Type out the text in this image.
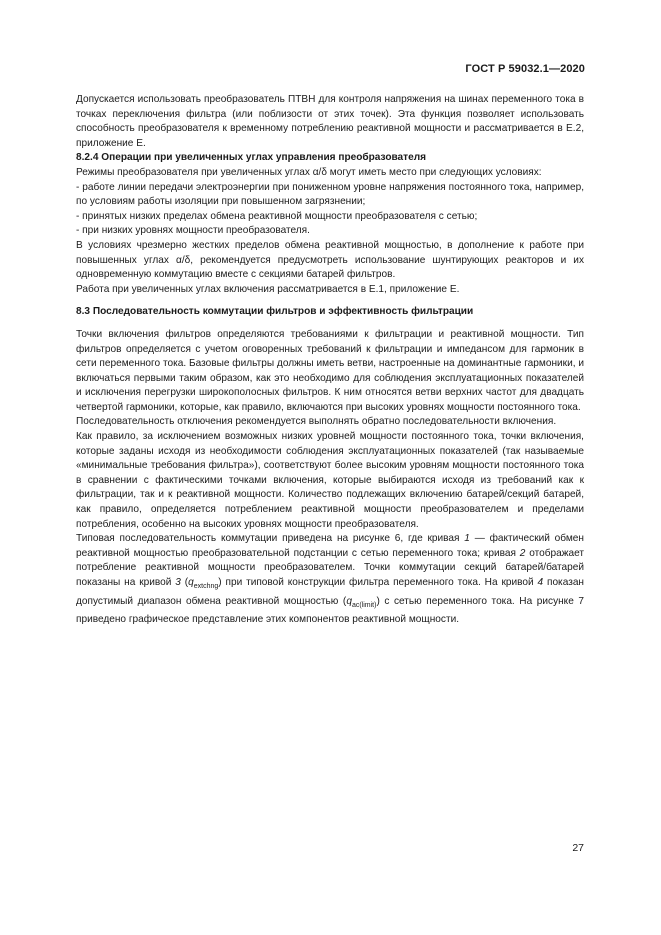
ГОСТ Р 59032.1—2020

Допускается использовать преобразователь ПТВН для контроля напряжения на шинах переменного тока в точках переключения фильтра (или поблизости от этих точек). Эта функция позволяет использовать способность преобразователя к временному потреблению реактивной мощности и рассматривается в Е.2, приложение Е.

8.2.4 Операции при увеличенных углах управления преобразователя

Режимы преобразователя при увеличенных углах α/δ могут иметь место при следующих условиях:

- работе линии передачи электроэнергии при пониженном уровне напряжения постоянного тока, например, по условиям работы изоляции при повышенном загрязнении;

- принятых низких пределах обмена реактивной мощности преобразователя с сетью;

- при низких уровнях мощности преобразователя.

В условиях чрезмерно жестких пределов обмена реактивной мощностью, в дополнение к работе при повышенных углах α/δ, рекомендуется предусмотреть использование шунтирующих реакторов и их одновременную коммутацию вместе с секциями батарей фильтров.

Работа при увеличенных углах включения рассматривается в Е.1, приложение Е.

8.3 Последовательность коммутации фильтров и эффективность фильтрации

Точки включения фильтров определяются требованиями к фильтрации и реактивной мощности. Тип фильтров определяется с учетом оговоренных требований к фильтрации и импедансом для гармоник в сети переменного тока. Базовые фильтры должны иметь ветви, настроенные на доминантные гармоники, и включаться первыми таким образом, как это необходимо для соблюдения эксплуатационных показателей и исключения перегрузки широкополосных фильтров. К ним относятся ветви верхних частот для двадцать четвертой гармоники, которые, как правило, включаются при высоких уровнях мощности постоянного тока.

Последовательность отключения рекомендуется выполнять обратно последовательности включения.

Как правило, за исключением возможных низких уровней мощности постоянного тока, точки включения, которые заданы исходя из необходимости соблюдения эксплуатационных показателей (так называемые «минимальные требования фильтра»), соответствуют более высоким уровням мощности постоянного тока в сравнении с фактическими точками включения, которые выбираются исходя из требований как к фильтрации, так и к реактивной мощности. Количество подлежащих включению батарей/секций батарей, как правило, определяется потреблением реактивной мощности преобразователем и пределами потребления, особенно на высоких уровнях мощности преобразователя.

Типовая последовательность коммутации приведена на рисунке 6, где кривая 1 — фактический обмен реактивной мощностью преобразовательной подстанции с сетью переменного тока; кривая 2 отображает потребление реактивной мощности преобразователем. Точки коммутации секций батарей/батарей показаны на кривой 3 $(q_{extchng})$ при типовой конструкции фильтра переменного тока. На кривой 4 показан допустимый диапазон обмена реактивной мощностью $(q_{ac(limit)})$ с сетью переменного тока. На рисунке 7 приведено графическое представление этих компонентов реактивной мощности.

27
